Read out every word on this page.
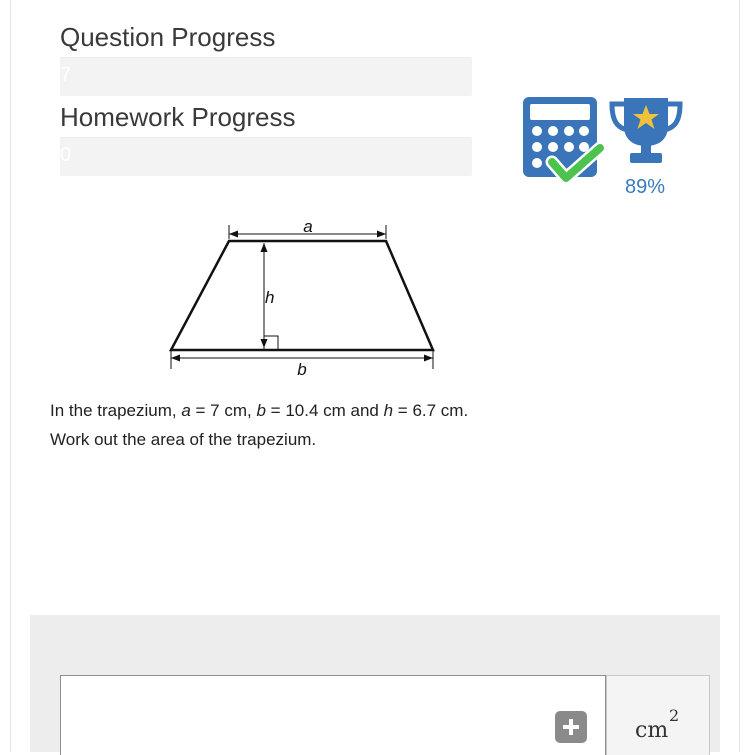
Question Progress
7
Homework Progress
0
89%
a
h
b
In the trapezium, a = 7 cm, b = 10.4 cm and h = 6.7 cm.
Work out the area of the trapezium.
cm
2
